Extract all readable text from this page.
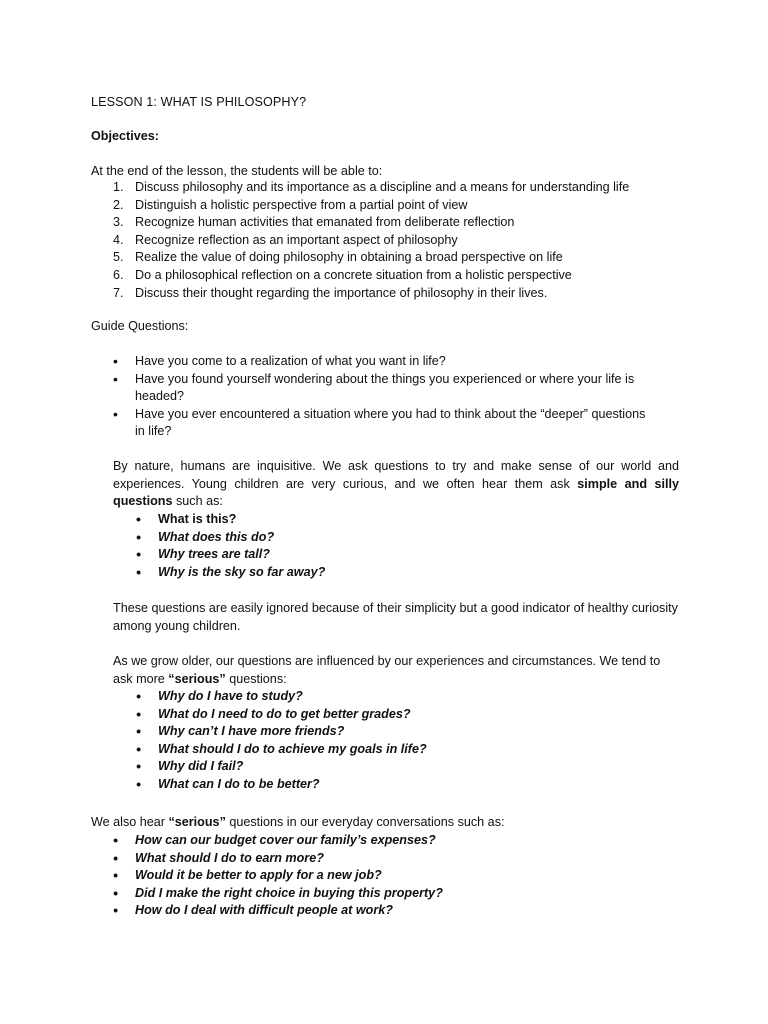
LESSON 1: WHAT IS PHILOSOPHY?
Objectives:
At the end of the lesson, the students will be able to:
1. Discuss philosophy and its importance as a discipline and a means for understanding life
2. Distinguish a holistic perspective from a partial point of view
3. Recognize human activities that emanated from deliberate reflection
4. Recognize reflection as an important aspect of philosophy
5. Realize the value of doing philosophy in obtaining a broad perspective on life
6. Do a philosophical reflection on a concrete situation from a holistic perspective
7. Discuss their thought regarding the importance of philosophy in their lives.
Guide Questions:
• Have you come to a realization of what you want in life?
• Have you found yourself wondering about the things you experienced or where your life is headed?
• Have you ever encountered a situation where you had to think about the “deeper” questions in life?
By nature, humans are inquisitive. We ask questions to try and make sense of our world and experiences. Young children are very curious, and we often hear them ask simple and silly questions such as:
• What is this?
• What does this do?
• Why trees are tall?
• Why is the sky so far away?
These questions are easily ignored because of their simplicity but a good indicator of healthy curiosity among young children.
As we grow older, our questions are influenced by our experiences and circumstances. We tend to ask more “serious” questions:
• Why do I have to study?
• What do I need to do to get better grades?
• Why can’t I have more friends?
• What should I do to achieve my goals in life?
• Why did I fail?
• What can I do to be better?
We also hear “serious” questions in our everyday conversations such as:
• How can our budget cover our family’s expenses?
• What should I do to earn more?
• Would it be better to apply for a new job?
• Did I make the right choice in buying this property?
• How do I deal with difficult people at work?
